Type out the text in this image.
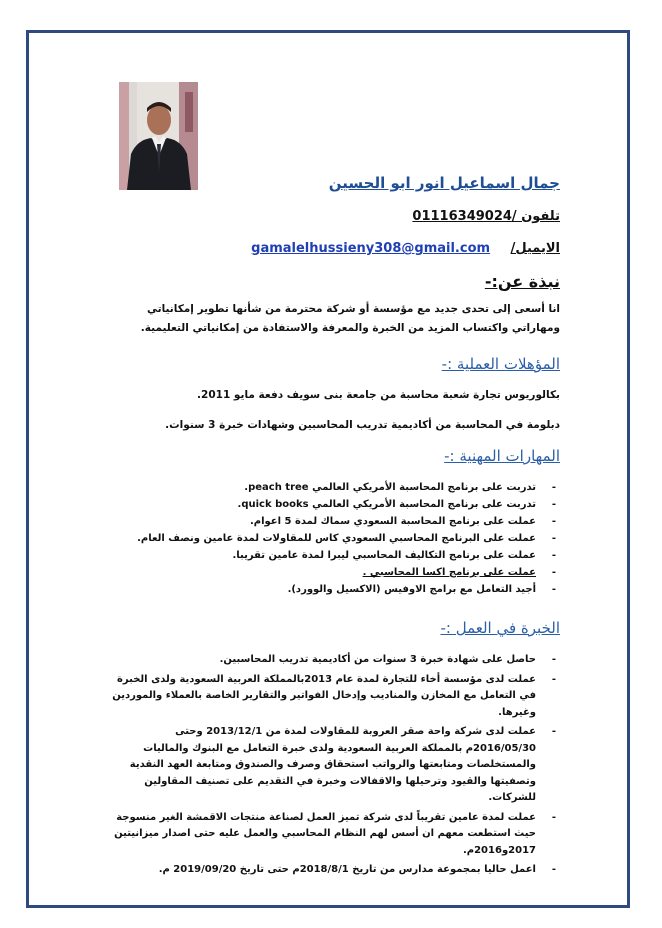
جمال اسماعيل انور ابو الحسين
تلفون /01116349024
الايميل/ gamalelhussieny308@gmail.com
نبذة عن:-

انا أسعى إلى تحدى جديد مع مؤسسة أو شركة محترمة من شأنها تطوير إمكانياتي ومهاراتي واكتساب المزيد من الخبرة والمعرفة والاستفادة من إمكانياتي التعليمية.

المؤهلات العملية :-

بكالوريوس تجارة شعبة محاسبة من جامعة بنى سويف دفعة مايو 2011.

دبلومة في المحاسبة من أكاديمية تدريب المحاسبين وشهادات خبرة 3 سنوات.

المهارات المهنية :-
- تدربت على برنامج المحاسبة الأمريكي العالمي peach tree.
- تدربت على برنامج المحاسبة الأمريكي العالمي quick books.
- عملت على برنامج المحاسبة السعودي سماك لمدة 5 اعوام.
- عملت على البرنامج المحاسبي السعودي كاس للمقاولات لمدة عامين ونصف العام.
- عملت على برنامج التكاليف المحاسبي ليبرا لمدة عامين تقريبا.
- عملت على برنامج اكسا المحاسبي .
- أجيد التعامل مع برامج الاوفيس (الاكسيل والوورد).
الخبرة في العمل :-
- حاصل على شهادة خبرة 3 سنوات من أكاديمية تدريب المحاسبين.
- عملت لدى مؤسسة أخاء للتجارة لمدة عام 2013بالمملكة العربية السعودية ولدى الخبرة في التعامل مع المخازن والمناديب وإدخال الفواتير والتقارير الخاصة بالعملاء والموردين وغيرها.
- عملت لدى شركة واحة صقر العروبة للمقاولات لمدة من 2013/12/1 وحتى 2016/05/30م بالمملكة العربية السعودية ولدى خبرة التعامل مع البنوك والماليات والمستخلصات ومتابعتها والرواتب استحقاق وصرف والصندوق ومتابعة العهد النقدية وتصفيتها والقيود وترحيلها والاقفالات وخبرة في التقديم على تصنيف المقاولين للشركات.
- عملت لمدة عامين تقريباً لدى شركة تميز العمل لصناعة منتجات الاقمشة الغير منسوجة حيث استطعت معهم ان أسس لهم النظام المحاسبي والعمل عليه حتى اصدار ميزانيتين 2017و2016م.
- اعمل حاليا بمجموعة مدارس من تاريخ 2018/8/1م حتى تاريخ 2019/09/20 م.
